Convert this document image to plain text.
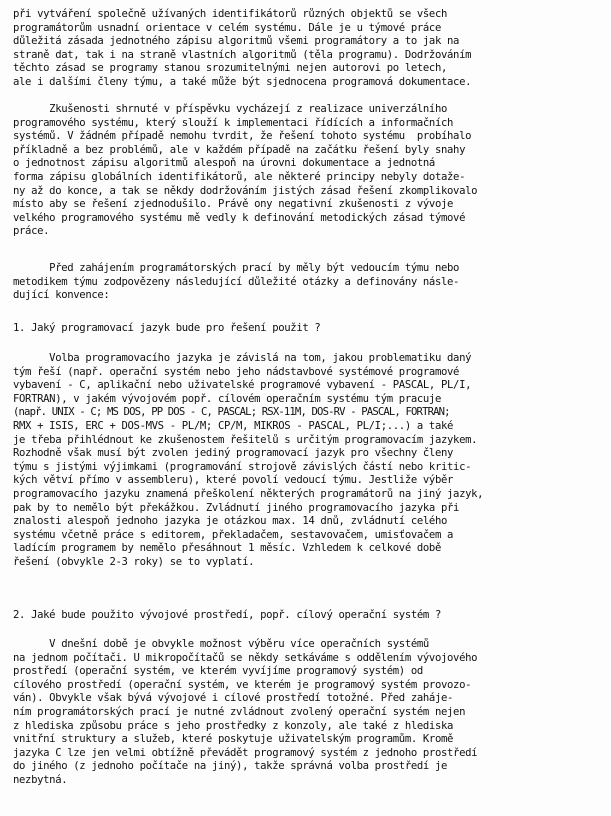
při vytváření společně užívaných identifikátorů různých objektů se všech
programátorům usnadní orientace v celém systému. Dále je u týmové práce
důležitá zásada jednotného zápisu algoritmů všemi programátory a to jak na
straně dat, tak i na straně vlastních algoritmů (těla programu). Dodržováním
těchto zásad se programy stanou srozumitelnými nejen autorovi po letech,
ale i dalšími členy týmu, a také může být sjednocena programová dokumentace.
Zkušenosti shrnuté v příspěvku vycházejí z realizace univerzálního
programového systému, který slouží k implementaci řídících a informačních
systémů. V žádném případě nemohu tvrdit, že řešení tohoto systému  probíhalo
příkladně a bez problémů, ale v každém případě na začátku řešení byly snahy
o jednotnost zápisu algoritmů alespoň na úrovni dokumentace a jednotná
forma zápisu globálních identifikátorů, ale některé principy nebyly dotaže-
ny až do konce, a tak se někdy dodržováním jistých zásad řešení zkomplikovalo
místo aby se řešení zjednodušilo. Právě ony negativní zkušenosti z vývoje
velkého programového systému mě vedly k definování metodických zásad týmové
práce.
Před zahájením programátorských prací by měly být vedoucím týmu nebo
metodikem týmu zodpovězeny následující důležité otázky a definovány násle-
dující konvence:
1. Jaký programovací jazyk bude pro řešení použit ?
Volba programovacího jazyka je závislá na tom, jakou problematiku daný
tým řeší (např. operační systém nebo jeho nádstavbové systémové programové
vybavení - C, aplikační nebo uživatelské programové vybavení - PASCAL, PL/I,
FORTRAN), v jakém vývojovém popř. cílovém operačním systému tým pracuje
(např. UNIX - C; MS DOS, PP DOS - C, PASCAL; RSX-11M, DOS-RV - PASCAL, FORTRAN;
RMX + ISIS, ERC + DOS-MVS - PL/M; CP/M, MIKROS - PASCAL, PL/I;...) a také
je třeba přihlédnout ke zkušenostem řešitelů s určitým programovacím jazykem.
Rozhodně však musí být zvolen jediný programovací jazyk pro všechny členy
týmu s jistými výjimkami (programování strojově závislých částí nebo kritic-
kých větví přímo v assembleru), které povolí vedoucí týmu. Jestliže výběr
programovacího jazyku znamená přeškolení některých programátorů na jiný jazyk,
pak by to nemělo být překážkou. Zvládnutí jiného programovacího jazyka při
znalosti alespoň jednoho jazyka je otázkou max. 14 dnů, zvládnutí celého
systému včetně práce s editorem, překladačem, sestavovačem, umisťovačem a
ladícím programem by nemělo přesáhnout 1 měsíc. Vzhledem k celkové době
řešení (obvykle 2-3 roky) se to vyplatí.
2. Jaké bude použito vývojové prostředí, popř. cílový operační systém ?
V dnešní době je obvykle možnost výběru více operačních systémů
na jednom počítači. U mikropočítačů se někdy setkáváme s oddělením vývojového
prostředí (operační systém, ve kterém vyvíjíme programový systém) od
cílového prostředí (operační systém, ve kterém je programový systém provozo-
ván). Obvykle však bývá vývojové i cílové prostředí totožné. Před zaháje-
ním programátorských prací je nutné zvládnout zvolený operační systém nejen
z hlediska způsobu práce s jeho prostředky z konzoly, ale také z hlediska
vnitřní struktury a služeb, které poskytuje uživatelským programům. Kromě
jazyka C lze jen velmi obtížně převádět programový systém z jednoho prostředí
do jiného (z jednoho počítače na jiný), takže správná volba prostředí je
nezbytná.
